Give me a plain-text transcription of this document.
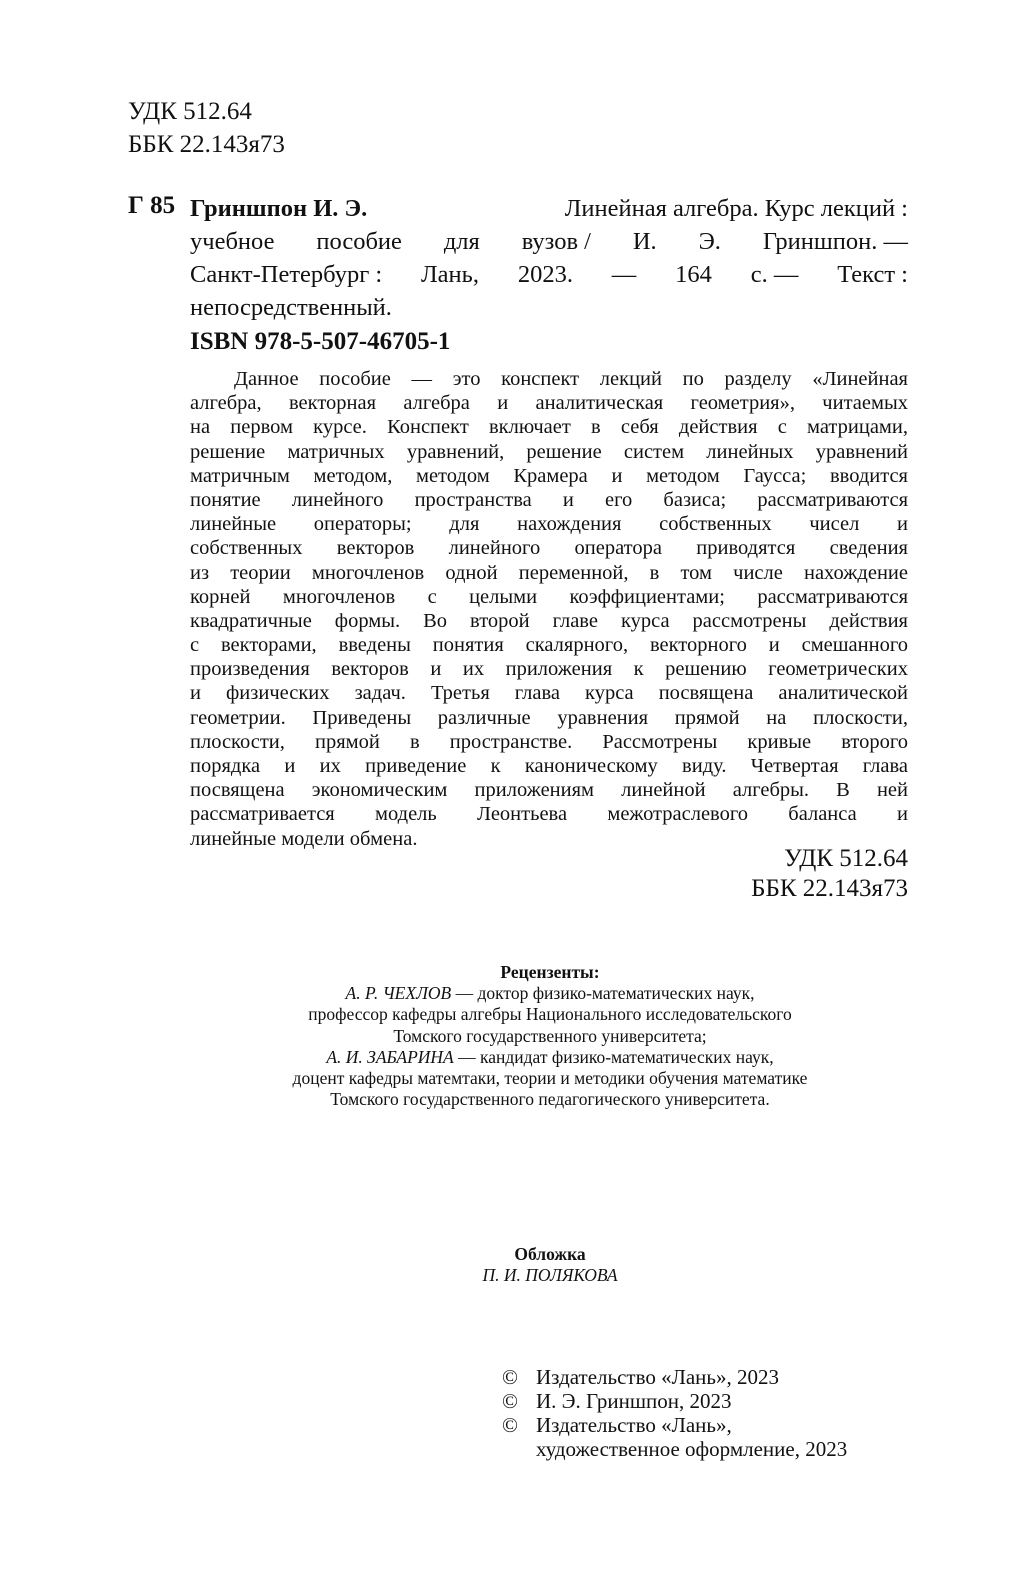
УДК 512.64
ББК 22.143я73
Г 85 Гриншпон И. Э.	Линейная алгебра. Курс лекций :
учебное пособие для вузов / И. Э. Гриншпон. —
Санкт-Петербург : Лань, 2023. — 164 с. — Текст :
непосредственный.
ISBN 978-5-507-46705-1
Данное пособие — это конспект лекций по разделу «Линейная
алгебра, векторная алгебра и аналитическая геометрия», читаемых
на первом курсе. Конспект включает в себя действия с матрицами,
решение матричных уравнений, решение систем линейных уравнений
матричным методом, методом Крамера и методом Гаусса; вводится
понятие линейного пространства и его базиса; рассматриваются
линейные операторы; для нахождения собственных чисел и
собственных векторов линейного оператора приводятся сведения
из теории многочленов одной переменной, в том числе нахождение
корней многочленов с целыми коэффициентами; рассматриваются
квадратичные формы. Во второй главе курса рассмотрены действия
с векторами, введены понятия скалярного, векторного и смешанного
произведения векторов и их приложения к решению геометрических
и физических задач. Третья глава курса посвящена аналитической
геометрии. Приведены различные уравнения прямой на плоскости,
плоскости, прямой в пространстве. Рассмотрены кривые второго
порядка и их приведение к каноническому виду. Четвертая глава
посвящена экономическим приложениям линейной алгебры. В ней
рассматривается модель Леонтьева межотраслевого баланса и
линейные модели обмена.
УДК 512.64
ББК 22.143я73
Рецензенты:
А. Р. ЧЕХЛОВ — доктор физико-математических наук,
профессор кафедры алгебры Национального исследовательского
Томского государственного университета;
А. И. ЗАБАРИНА — кандидат физико-математических наук,
доцент кафедры матемтаки, теории и методики обучения математике
Томского государственного педагогического университета.
Обложка
П. И. ПОЛЯКОВА
© Издательство «Лань», 2023
© И. Э. Гриншпон, 2023
© Издательство «Лань»,
художественное оформление, 2023
